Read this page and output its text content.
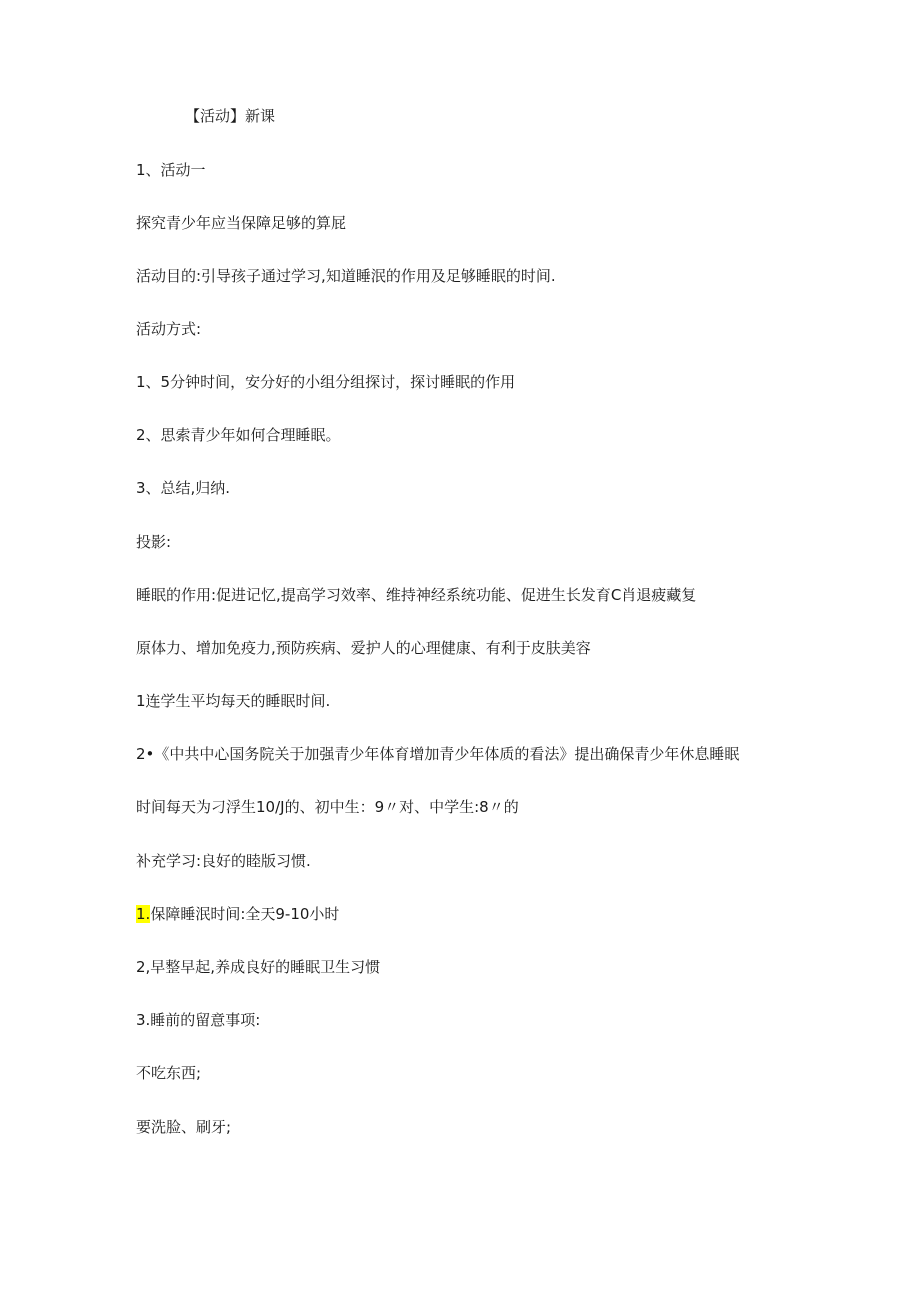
【活动】新课
1、活动一
探究青少年应当保障足够的算屁
活动目的:引导孩子通过学习,知道睡泯的作用及足够睡眠的时间.
活动方式:
1、5分钟时间，安分好的小组分组探讨，探讨睡眠的作用
2、思索青少年如何合理睡眠。
3、总结,归纳.
投影:
睡眠的作用:促进记忆,提高学习效率、维持神经系统功能、促进生长发育C肖退疲藏复
原体力、增加免疫力,预防疾病、爱护人的心理健康、有利于皮肤美容
1连学生平均每天的睡眠时间.
2•《中共中心国务院关于加强青少年体育增加青少年体质的看法》提出确保青少年休息睡眠
时间每天为刁浮生10/J的、初中生：9〃对、中学生:8〃的
补充学习:良好的睦版习惯.
1.保障睡泯时间:全天9-10小时
2,早整早起,养成良好的睡眠卫生习惯
3.睡前的留意事项:
不吃东西;
要洗脸、刷牙;
